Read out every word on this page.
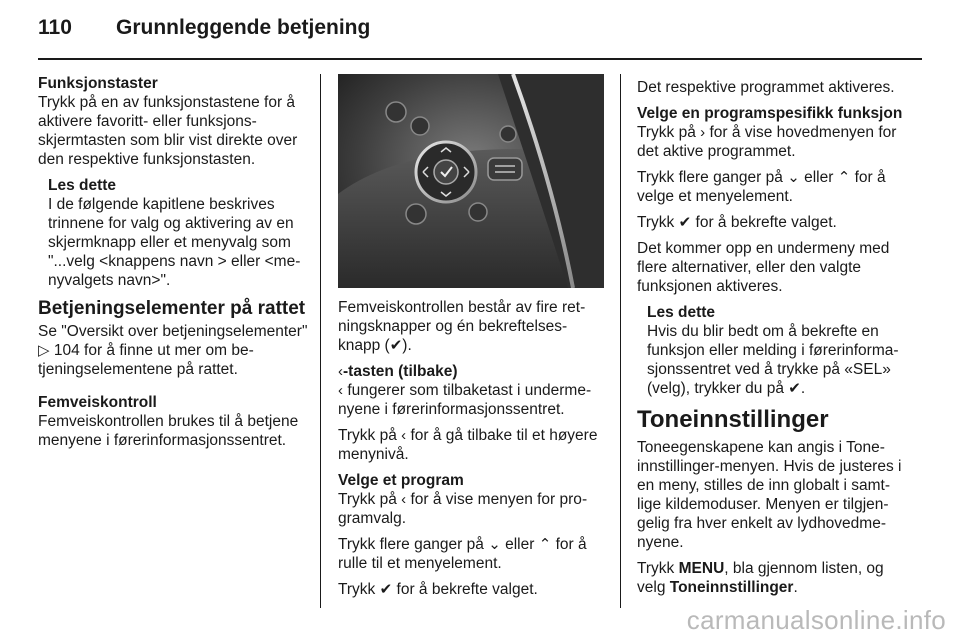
110	Grunnleggende betjening

Funksjonstaster
Trykk på en av funksjonstastene for å aktivere favoritt- eller funksjonsskjermtasten som blir vist direkte over den respektive funksjonstasten.

Les dette
I de følgende kapitlene beskrives trinnene for valg og aktivering av en skjermknapp eller et menyvalg som "...velg <knappens navn > eller <menyvalgets navn>".

Betjeningselementer på rattet

Se "Oversikt over betjeningselementer" ▷ 104 for å finne ut mer om betjeningselementene på rattet.

Femveiskontroll
Femveiskontrollen brukes til å betjene menyene i førerinformasjonssentret.

Femveiskontrollen består av fire retningsknapper og én bekreftelsesknapp (✔).

‹-tasten (tilbake)
‹ fungerer som tilbaketast i undermenyene i førerinformasjonssentret.

Trykk på ‹ for å gå tilbake til et høyere menynivå.

Velge et program
Trykk på ‹ for å vise menyen for programvalg.

Trykk flere ganger på ⌄ eller ⌃ for å rulle til et menyelement.

Trykk ✔ for å bekrefte valget.

Det respektive programmet aktiveres.

Velge en programspesifikk funksjon
Trykk på › for å vise hovedmenyen for det aktive programmet.

Trykk flere ganger på ⌄ eller ⌃ for å velge et menyelement.

Trykk ✔ for å bekrefte valget.

Det kommer opp en undermeny med flere alternativer, eller den valgte funksjonen aktiveres.

Les dette
Hvis du blir bedt om å bekrefte en funksjon eller melding i førerinformasjonssentret ved å trykke på «SEL» (velg), trykker du på ✔.

Toneinnstillinger

Toneegenskapene kan angis i Toneinnstillinger-menyen. Hvis de justeres i en meny, stilles de inn globalt i samtlige kildemoduser. Menyen er tilgjengelig fra hver enkelt av lydhovedmenyene.

Trykk MENU, bla gjennom listen, og velg Toneinnstillinger.

carmanualsonline.info
